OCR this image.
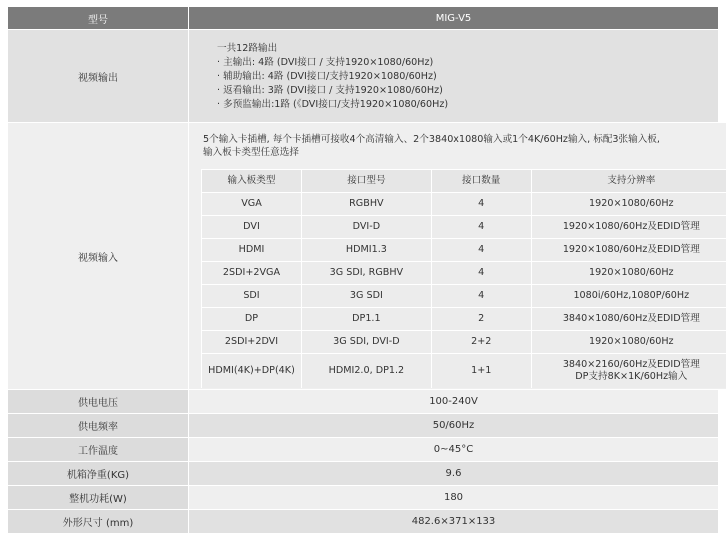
型号	MIG-V5
视频输出
一共12路输出
· 主输出: 4路 (DVI接口 / 支持1920×1080/60Hz)
· 辅助输出: 4路 (DVI接口/支持1920×1080/60Hz)
· 返看输出: 3路 (DVI接口 / 支持1920×1080/60Hz)
· 多预监输出:1路 (《DVI接口/支持1920×1080/60Hz)
视频输入
5个输入卡插槽, 每个卡插槽可接收4个高清输入、2个3840x1080输入或1个4K/60Hz输入, 标配3张输入板,
输入板卡类型任意选择
输入板类型	接口型号	接口数量	支持分辨率
VGA	RGBHV	4	1920×1080/60Hz
DVI	DVI-D	4	1920×1080/60Hz及EDID管理
HDMI	HDMI1.3	4	1920×1080/60Hz及EDID管理
2SDI+2VGA	3G SDI, RGBHV	4	1920×1080/60Hz
SDI	3G SDI	4	1080i/60Hz,1080P/60Hz
DP	DP1.1	2	3840×1080/60Hz及EDID管理
2SDI+2DVI	3G SDI, DVI-D	2+2	1920×1080/60Hz
HDMI(4K)+DP(4K)	HDMI2.0, DP1.2	1+1	3840×2160/60Hz及EDID管理
DP支持8K×1K/60Hz输入
供电电压	100-240V
供电频率	50/60Hz
工作温度	0~45°C
机箱净重(KG)	9.6
整机功耗(W)	180
外形尺寸 (mm)	482.6×371×133
